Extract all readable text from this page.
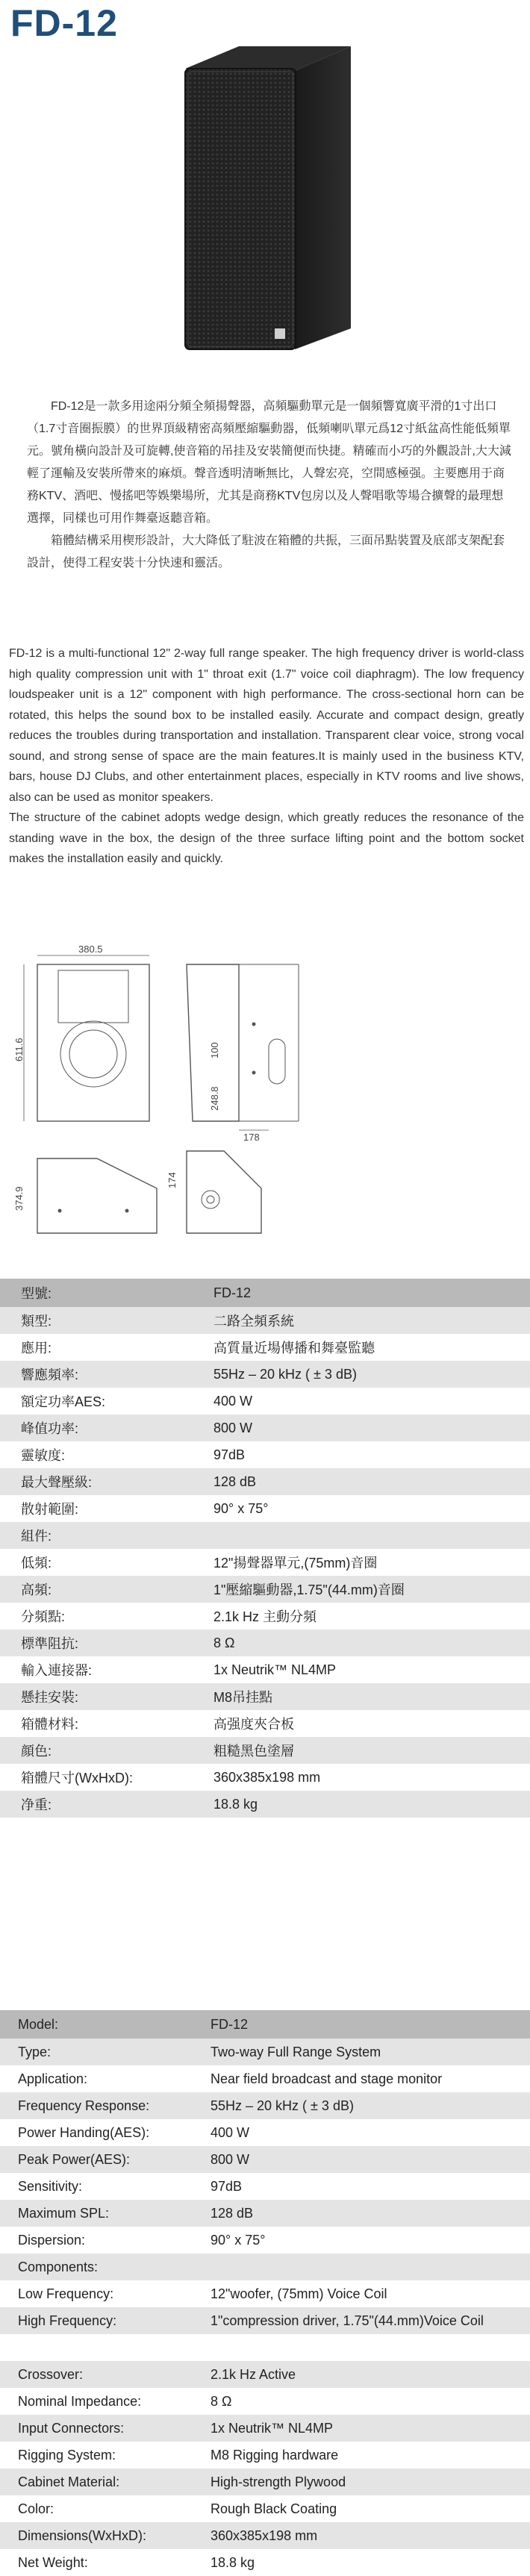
FD-12

FD-12是一款多用途兩分頻全頻揚聲器，高頻驅動單元是一個頻響寬廣平滑的1寸出口（1.7寸音圈振膜）的世界頂級精密高頻壓縮驅動器，低頻喇叭單元爲12寸紙盆高性能低頻單元。號角橫向設計及可旋轉,使音箱的吊挂及安裝簡便而快捷。精確而小巧的外觀設計,大大減輕了運輸及安裝所帶來的麻煩。聲音透明清晰無比，人聲宏亮，空間感極强。主要應用于商務KTV、酒吧、慢搖吧等娛樂場所，尤其是商務KTV包房以及人聲唱歌等場合擴聲的最理想選擇，同樣也可用作舞臺返聽音箱。

箱體結構采用楔形設計，大大降低了駐波在箱體的共振，三面吊點裝置及底部支架配套設計，使得工程安裝十分快速和靈活。

FD-12 is a multi-functional 12" 2-way full range speaker. The high frequency driver is world-class high quality compression unit with 1" throat exit (1.7" voice coil diaphragm). The low frequency loudspeaker unit is a 12" component with high performance. The cross-sectional horn can be rotated, this helps the sound box to be installed easily. Accurate and compact design, greatly reduces the troubles during transportation and installation. Transparent clear voice, strong vocal sound, and strong sense of space are the main features.It is mainly used in the business KTV, bars, house DJ Clubs, and other entertainment places, especially in KTV rooms and live shows, also can be used as monitor speakers.

The structure of the cabinet adopts wedge design, which greatly reduces the resonance of the standing wave in the box, the design of the three surface lifting point and the bottom socket makes the installation easily and quickly.

380.5
611.6	100
248.8
178
374.9
174
型號:	FD-12
類型:	二路全頻系統
應用:	高質量近場傳播和舞臺監聽
響應頻率:	55Hz – 20 kHz ( ± 3 dB)
額定功率AES:	400 W
峰值功率:	800 W
靈敏度:	97dB
最大聲壓級:	128 dB
散射範圍:	90° x 75°
組件:	
低頻:	12"揚聲器單元,(75mm)音圈
高頻:	1"壓縮驅動器,1.75"(44.mm)音圈
分頻點:	2.1k Hz 主動分頻
標準阻抗:	8 Ω
輸入連接器:	1x Neutrik™ NL4MP
懸挂安裝:	M8吊挂點
箱體材料:	高强度夾合板
顔色:	粗糙黑色塗層
箱體尺寸(WxHxD):	360x385x198 mm
净重:	18.8 kg
Model:	FD-12
Type:	Two-way Full Range System
Application:	Near field broadcast and stage monitor
Frequency Response:	55Hz – 20 kHz ( ± 3 dB)
Power Handing(AES):	400 W
Peak Power(AES):	800 W
Sensitivity:	97dB
Maximum SPL:	128 dB
Dispersion:	90° x 75°
Components:	
Low Frequency:	12"woofer, (75mm) Voice Coil
High Frequency:	1"compression driver, 1.75"(44.mm)Voice Coil

Crossover:	2.1k Hz Active
Nominal Impedance:	8 Ω
Input Connectors:	1x Neutrik™ NL4MP
Rigging System:	M8 Rigging hardware
Cabinet Material:	High-strength Plywood
Color:	Rough Black Coating
Dimensions(WxHxD):	360x385x198 mm
Net Weight:	18.8 kg
